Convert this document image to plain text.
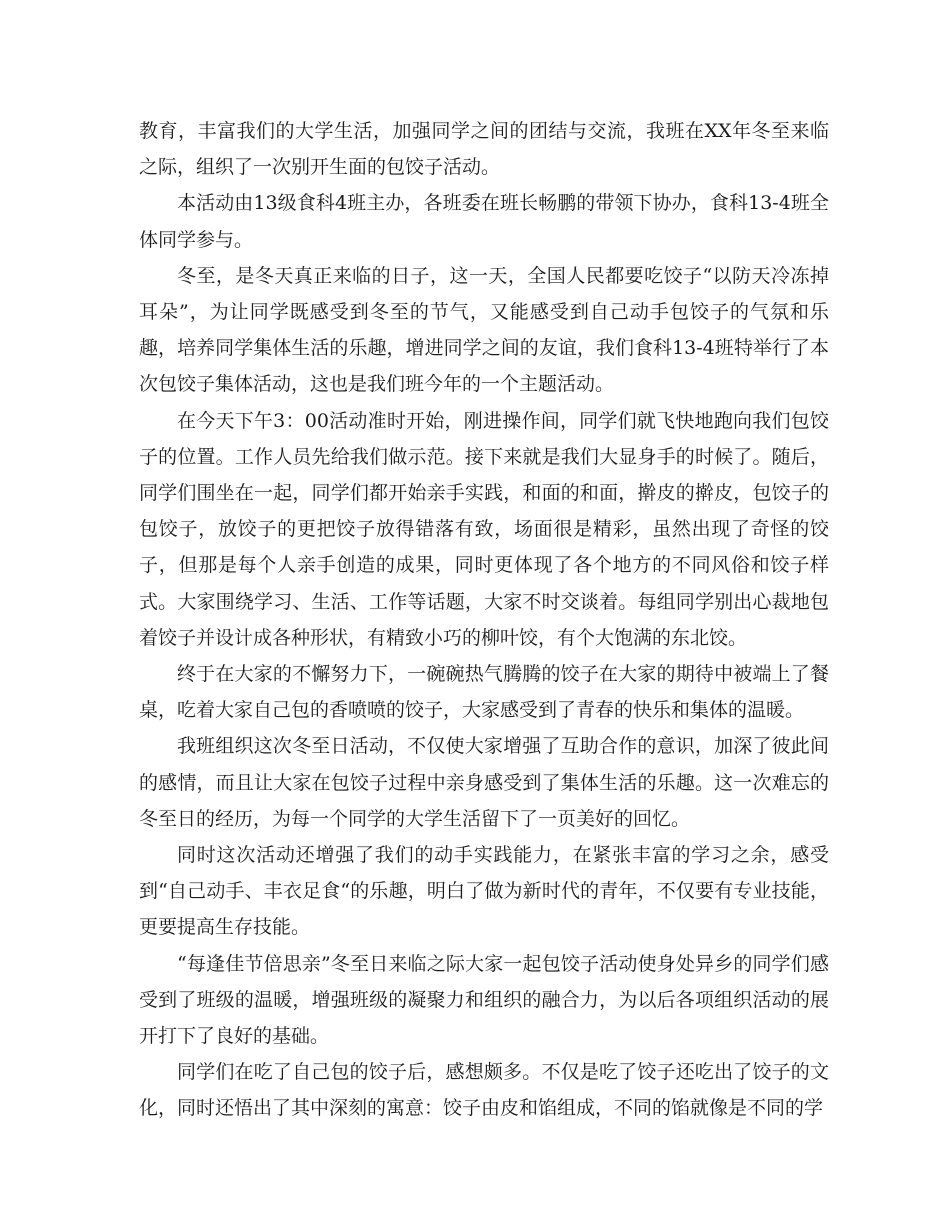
教育，丰富我们的大学生活，加强同学之间的团结与交流，我班在XX年冬至来临之际，组织了一次别开生面的包饺子活动。

本活动由13级食科4班主办，各班委在班长畅鹏的带领下协办，食科13-4班全体同学参与。

冬至，是冬天真正来临的日子，这一天，全国人民都要吃饺子“以防天冷冻掉耳朵”，为让同学既感受到冬至的节气，又能感受到自己动手包饺子的气氛和乐趣，培养同学集体生活的乐趣，增进同学之间的友谊，我们食科13-4班特举行了本次包饺子集体活动，这也是我们班今年的一个主题活动。

在今天下午3：00活动准时开始，刚进操作间，同学们就飞快地跑向我们包饺子的位置。工作人员先给我们做示范。接下来就是我们大显身手的时候了。随后，同学们围坐在一起，同学们都开始亲手实践，和面的和面，擀皮的擀皮，包饺子的包饺子，放饺子的更把饺子放得错落有致，场面很是精彩，虽然出现了奇怪的饺子，但那是每个人亲手创造的成果，同时更体现了各个地方的不同风俗和饺子样式。大家围绕学习、生活、工作等话题，大家不时交谈着。每组同学别出心裁地包着饺子并设计成各种形状，有精致小巧的柳叶饺，有个大饱满的东北饺。

终于在大家的不懈努力下，一碗碗热气腾腾的饺子在大家的期待中被端上了餐桌，吃着大家自己包的香喷喷的饺子，大家感受到了青春的快乐和集体的温暖。

我班组织这次冬至日活动，不仅使大家增强了互助合作的意识，加深了彼此间的感情，而且让大家在包饺子过程中亲身感受到了集体生活的乐趣。这一次难忘的冬至日的经历，为每一个同学的大学生活留下了一页美好的回忆。

同时这次活动还增强了我们的动手实践能力，在紧张丰富的学习之余，感受到“自己动手、丰衣足食“的乐趣，明白了做为新时代的青年，不仅要有专业技能，更要提高生存技能。

“每逢佳节倍思亲”冬至日来临之际大家一起包饺子活动使身处异乡的同学们感受到了班级的温暖，增强班级的凝聚力和组织的融合力，为以后各项组织活动的展开打下了良好的基础。

同学们在吃了自己包的饺子后，感想颇多。不仅是吃了饺子还吃出了饺子的文化，同时还悟出了其中深刻的寓意：饺子由皮和馅组成，不同的馅就像是不同的学
